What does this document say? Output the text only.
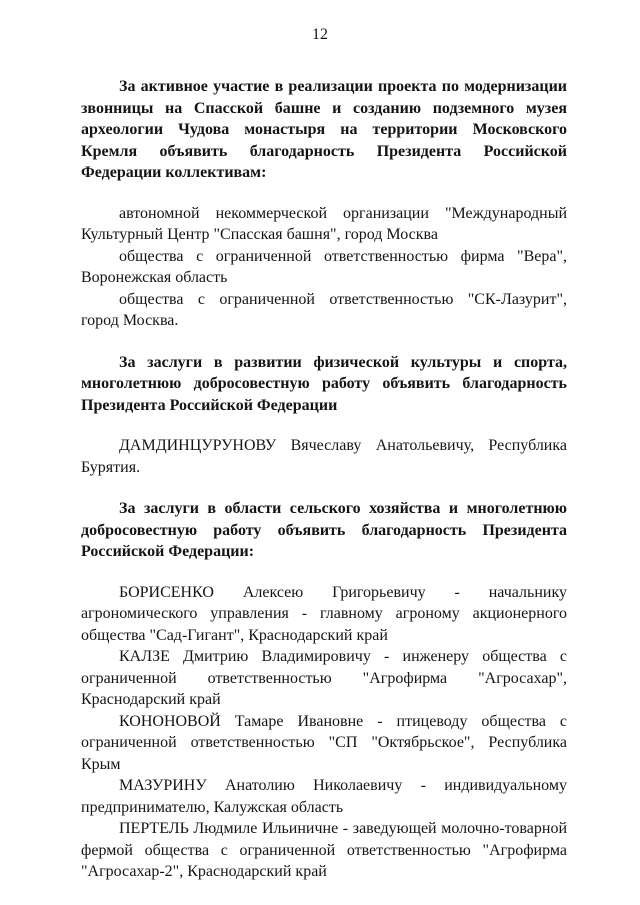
12

За активное участие в реализации проекта по модернизации звонницы на Спасской башне и созданию подземного музея археологии Чудова монастыря на территории Московского Кремля объявить благодарность Президента Российской Федерации коллективам:

автономной некоммерческой организации "Международный Культурный Центр "Спасская башня", город Москва

общества с ограниченной ответственностью фирма "Вера", Воронежская область

общества с ограниченной ответственностью "СК-Лазурит", город Москва.

За заслуги в развитии физической культуры и спорта, многолетнюю добросовестную работу объявить благодарность Президента Российской Федерации

ДАМДИНЦУРУНОВУ Вячеславу Анатольевичу, Республика Бурятия.

За заслуги в области сельского хозяйства и многолетнюю добросовестную работу объявить благодарность Президента Российской Федерации:

БОРИСЕНКО Алексею Григорьевичу - начальнику агрономического управления - главному агроному акционерного общества "Сад-Гигант", Краснодарский край

КАЛЗЕ Дмитрию Владимировичу - инженеру общества с ограниченной ответственностью "Агрофирма "Агросахар", Краснодарский край

КОНОНОВОЙ Тамаре Ивановне - птицеводу общества с ограниченной ответственностью "СП "Октябрьское", Республика Крым

МАЗУРИНУ Анатолию Николаевичу - индивидуальному предпринимателю, Калужская область

ПЕРТЕЛЬ Людмиле Ильиничне - заведующей молочно-товарной фермой общества с ограниченной ответственностью "Агрофирма "Агросахар-2", Краснодарский край
